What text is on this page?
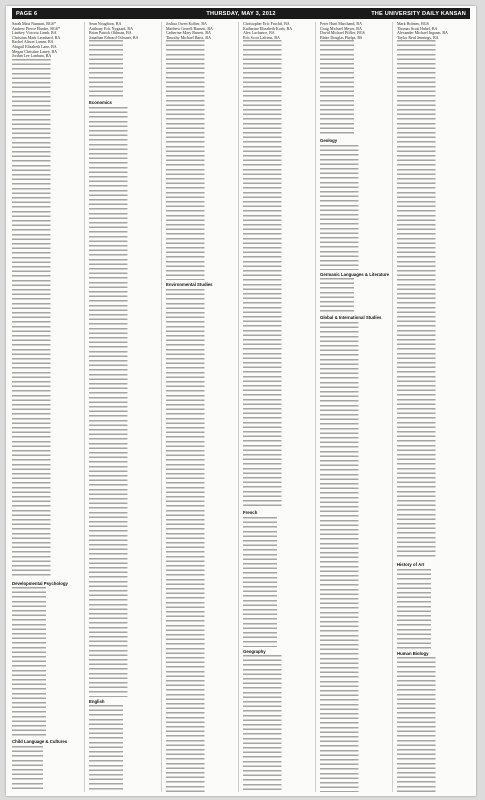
PAGE 6	THURSDAY, MAY 3, 2012	THE UNIVERSITY DAILY KANSAN
Sarah Mast Nunnari, BGS*
Andrew Pierce Ehmke, BGS*
Lindsey Victoria Lamb, BA
Christian Mark Leonhard, BA
Rachel Alison Lamm, BA
Abigail Elizabeth Lane, BA
Megan Christine Laney, BA
Jordan Lee Lanham, BA
Developmental Psychology
Child Language & Cultures
Sean Noughton, BA
Anthony Eric Nygaard, BA
Brian Patrick Ohlman, BA
Jonathan Edward Ochsner, BA
Economics
English
Joshua Owen Kolber, BA
Matthew Gerrell Barnett, BA
Catherine Mary Barrett, BA
Timothy Michael Bartz, BA
Environmental Studies
Christopher Eric Fruchtl, BA
Katharine Elizabeth Koeh, BA
Alex Lachance, BA
Eric Scott Lafrenz, BA
French
Geography
Peter Hunt Marchand, BA
Craig Michael Meyer, BA
David Michael Pfiffer, BGS
Blake Douglas Phelps, BS
Geology
Germanic Languages & Literature
Global & International Studies
Mark Holmes, BGS
Thomas Scott Hubel, BA
Alexander Michael Ingram, BA
Taylor Reid Jennings, BA
History of Art
Human Biology
